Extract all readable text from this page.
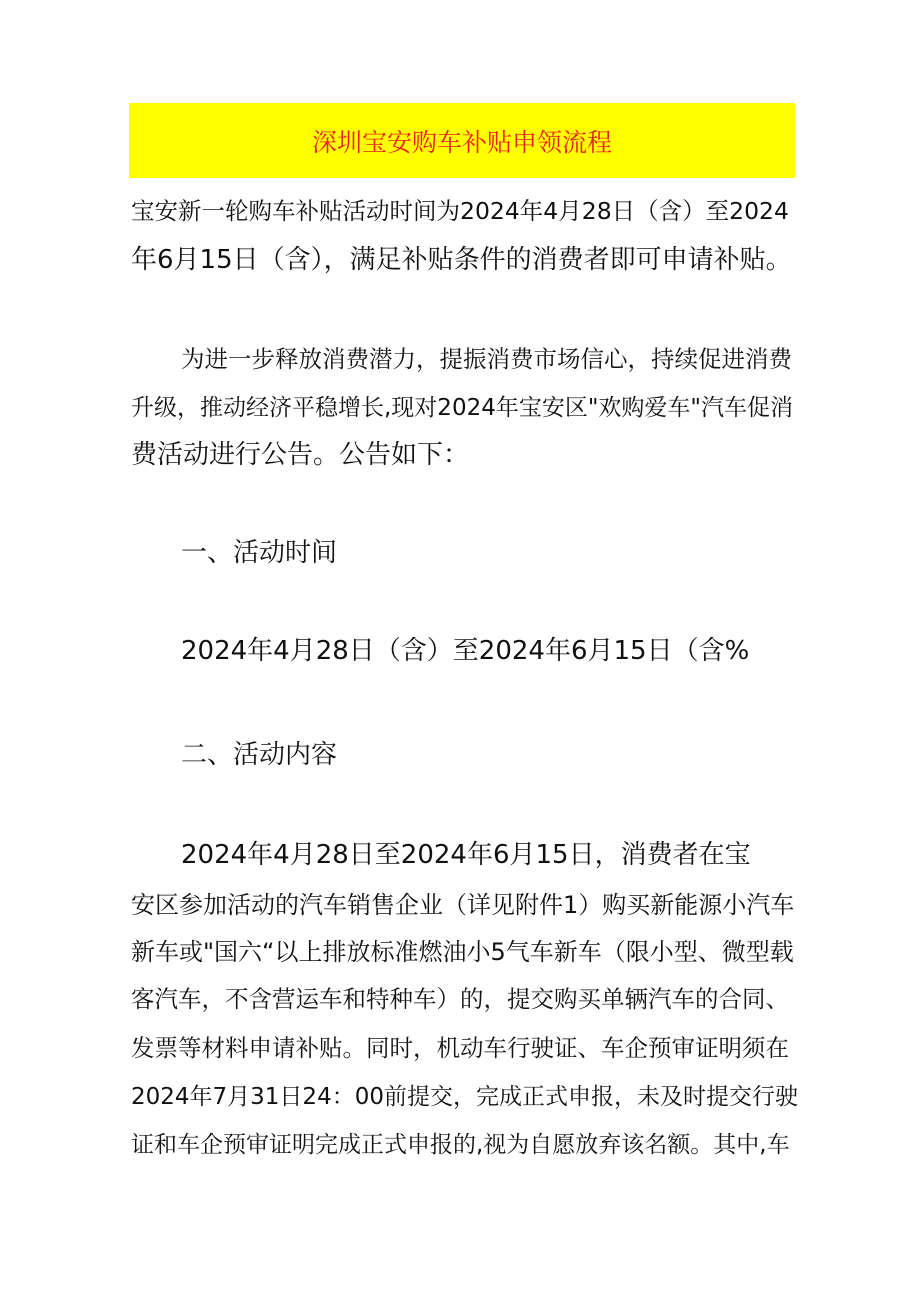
深圳宝安购车补贴申领流程
宝安新一轮购车补贴活动时间为2024年4月28日（含）至2024
年6月15日（含），满足补贴条件的消费者即可申请补贴。
为进一步释放消费潜力，提振消费市场信心，持续促进消费
升级，推动经济平稳增长,现对2024年宝安区"欢购爱车"汽车促消
费活动进行公告。公告如下：
一、活动时间
2024年4月28日（含）至2024年6月15日（含%
二、活动内容
2024年4月28日至2024年6月15日，消费者在宝
安区参加活动的汽车销售企业（详见附件1）购买新能源小汽车
新车或"国六“以上排放标准燃油小5气车新车（限小型、微型载
客汽车，不含营运车和特种车）的，提交购买单辆汽车的合同、
发票等材料申请补贴。同时，机动车行驶证、车企预审证明须在
2024年7月31日24：00前提交，完成正式申报，未及时提交行驶
证和车企预审证明完成正式申报的,视为自愿放弃该名额。其中,车
